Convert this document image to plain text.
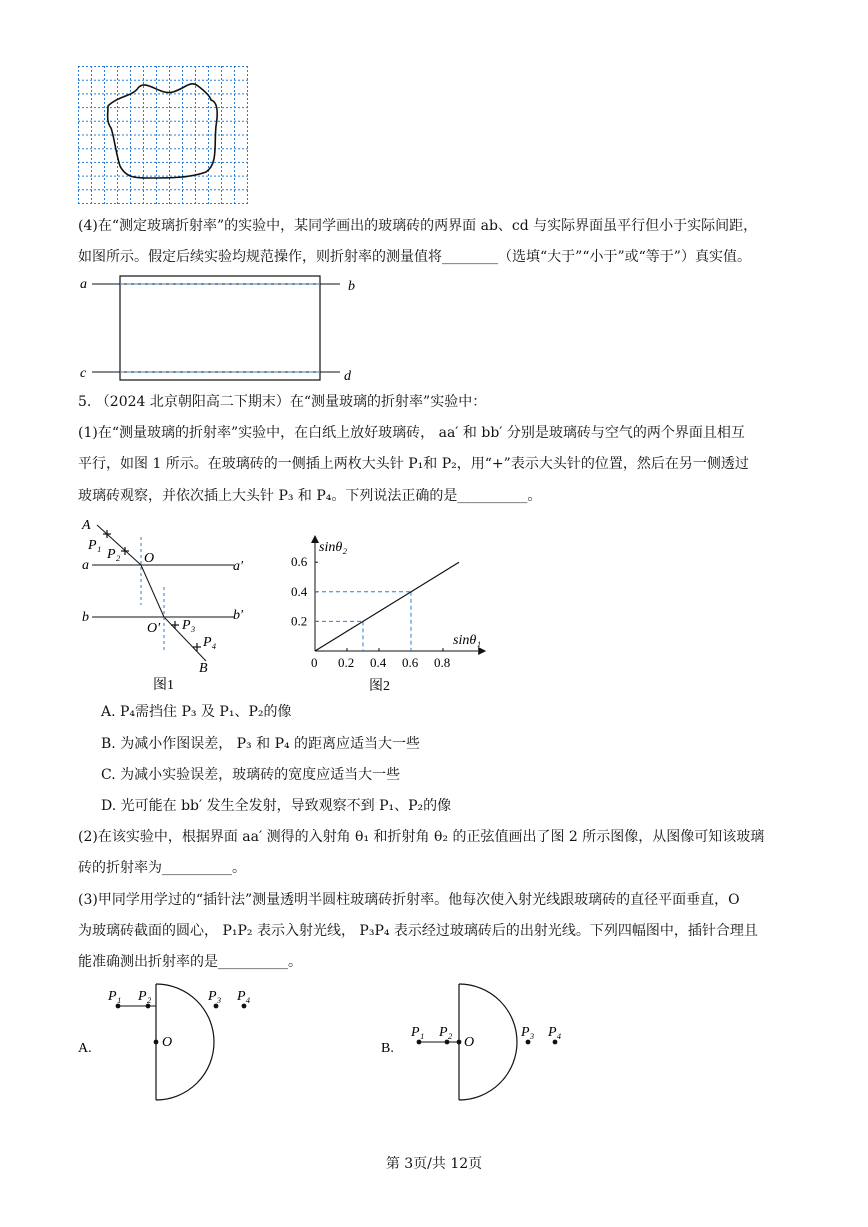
(4)在“测定玻璃折射率”的实验中，某同学画出的玻璃砖的两界面 ab、cd 与实际界面虽平行但小于实际间距，
如图所示。假定后续实验均规范操作，则折射率的测量值将________（选填“大于”“小于”或“等于”）真实值。
a	b
c	d
5. （2024 北京朝阳高二下期末）在“测量玻璃的折射率”实验中：
(1)在“测量玻璃的折射率”实验中，在白纸上放好玻璃砖， aa′ 和 bb′ 分别是玻璃砖与空气的两个界面且相互
平行，如图 1 所示。在玻璃砖的一侧插上两枚大头针 P₁和 P₂，用“+”表示大头针的位置，然后在另一侧透过
玻璃砖观察，并依次插上大头针 P₃ 和 P₄。下列说法正确的是__________。
A
P₁
P₂ O
a	a′
b	b′
O′ P₃
P₄
B
图1
0 0.2 0.4 0.6 0.8
0.2
0.4
0.6
sinθ₂
sinθ₁
图2
A. P₄需挡住 P₃ 及 P₁、P₂的像
B. 为减小作图误差， P₃ 和 P₄ 的距离应适当大一些
C. 为减小实验误差，玻璃砖的宽度应适当大一些
D. 光可能在 bb′ 发生全发射，导致观察不到 P₁、P₂的像
(2)在该实验中，根据界面 aa′ 测得的入射角 θ₁ 和折射角 θ₂ 的正弦值画出了图 2 所示图像，从图像可知该玻璃
砖的折射率为__________。
(3)甲同学用学过的“插针法”测量透明半圆柱玻璃砖折射率。他每次使入射光线跟玻璃砖的直径平面垂直，O
为玻璃砖截面的圆心， P₁P₂ 表示入射光线， P₃P₄ 表示经过玻璃砖后的出射光线。下列四幅图中，插针合理且
能准确测出折射率的是__________。
P₁ P₂	P₃ P₄
O
A.
P₁ P₂	P₃ P₄
O
B.
第 3页/共 12页
